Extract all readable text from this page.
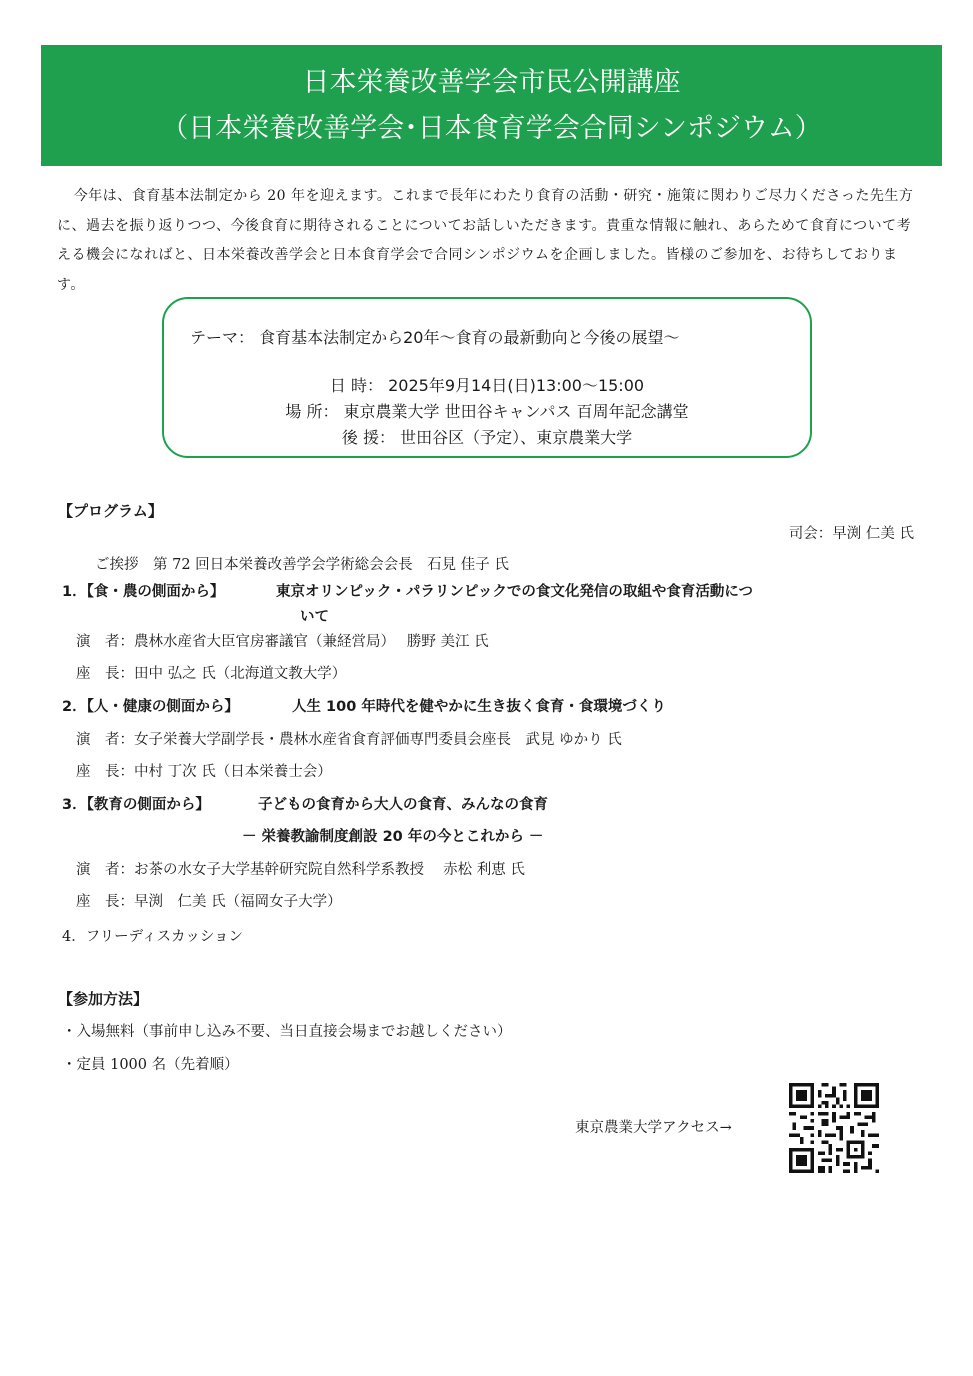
日本栄養改善学会市民公開講座
（日本栄養改善学会･日本食育学会合同シンポジウム）
今年は、食育基本法制定から 20 年を迎えます。これまで長年にわたり食育の活動・研究・施策に関わりご尽力くださった先生方に、過去を振り返りつつ、今後食育に期待されることについてお話しいただきます。貴重な情報に触れ、あらためて食育について考える機会になればと、日本栄養改善学会と日本食育学会で合同シンポジウムを企画しました。皆様のご参加を、お待ちしております。
テーマ： 食育基本法制定から20年～食育の最新動向と今後の展望～
日 時： 2025年9月14日(日)13:00～15:00
場 所： 東京農業大学 世田谷キャンパス 百周年記念講堂
後 援： 世田谷区（予定）、東京農業大学
【プログラム】
司会：早渕 仁美 氏
ご挨拶　第 72 回日本栄養改善学会学術総会会長　石見 佳子 氏
1．【食・農の側面から】	東京オリンピック・パラリンピックでの食文化発信の取組や食育活動につ
いて
演　者：農林水産省大臣官房審議官（兼経営局）　 勝野 美江 氏
座　長：田中 弘之 氏（北海道文教大学）
2．【人・健康の側面から】	人生 100 年時代を健やかに生き抜く食育・食環境づくり
演　者：女子栄養大学副学長・農林水産省食育評価専門委員会座長　武見 ゆかり 氏
座　長：中村 丁次 氏（日本栄養士会）
3．【教育の側面から】	子どもの食育から大人の食育、みんなの食育
－ 栄養教諭制度創設 20 年の今とこれから －
演　者：お茶の水女子大学基幹研究院自然科学系教授　 赤松 利恵 氏
座　長：早渕　仁美 氏（福岡女子大学）
4．フリーディスカッション
【参加方法】
・入場無料（事前申し込み不要、当日直接会場までお越しください）
・定員 1000 名（先着順）
東京農業大学アクセス→
